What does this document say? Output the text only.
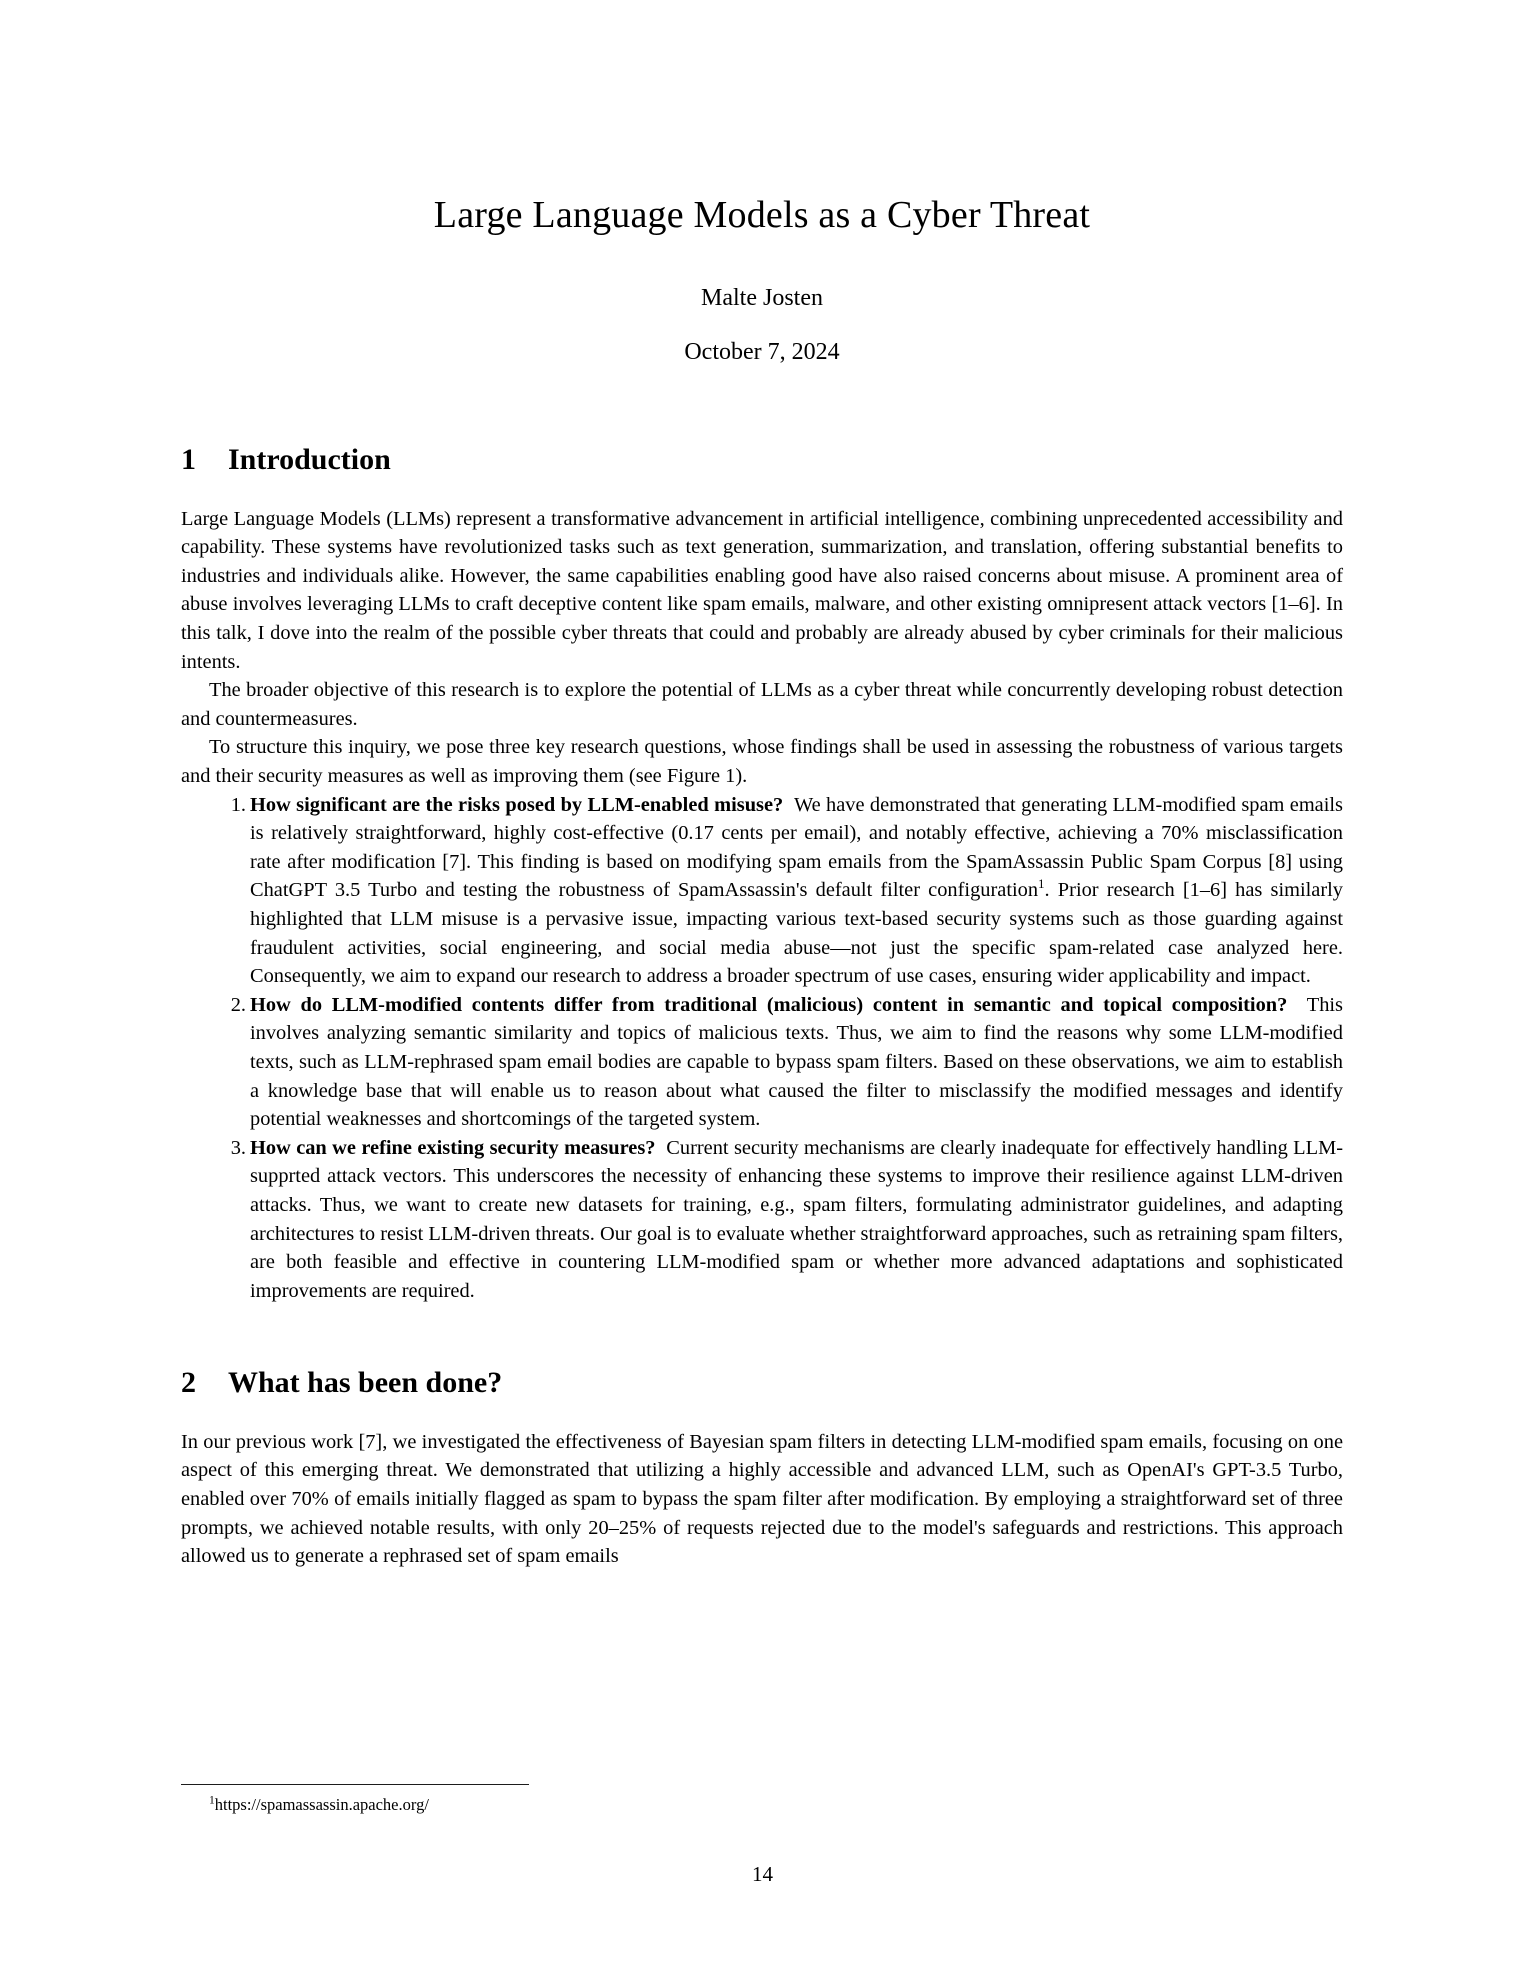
Large Language Models as a Cyber Threat
Malte Josten
October 7, 2024
1	Introduction

Large Language Models (LLMs) represent a transformative advancement in artificial intelligence, combining unprecedented accessibility and capability. These systems have revolutionized tasks such as text generation, summarization, and translation, offering substantial benefits to industries and individuals alike. However, the same capabilities enabling good have also raised concerns about misuse. A prominent area of abuse involves leveraging LLMs to craft deceptive content like spam emails, malware, and other existing omnipresent attack vectors [1–6]. In this talk, I dove into the realm of the possible cyber threats that could and probably are already abused by cyber criminals for their malicious intents.

The broader objective of this research is to explore the potential of LLMs as a cyber threat while concurrently developing robust detection and countermeasures.

To structure this inquiry, we pose three key research questions, whose findings shall be used in assessing the robustness of various targets and their security measures as well as improving them (see Figure 1).

1. How significant are the risks posed by LLM-enabled misuse? We have demonstrated that generating LLM-modified spam emails is relatively straightforward, highly cost-effective (0.17 cents per email), and notably effective, achieving a 70% misclassification rate after modification [7]. This finding is based on modifying spam emails from the SpamAssassin Public Spam Corpus [8] using ChatGPT 3.5 Turbo and testing the robustness of SpamAssassin's default filter configuration$^1$. Prior research [1–6] has similarly highlighted that LLM misuse is a pervasive issue, impacting various text-based security systems such as those guarding against fraudulent activities, social engineering, and social media abuse—not just the specific spam-related case analyzed here. Consequently, we aim to expand our research to address a broader spectrum of use cases, ensuring wider applicability and impact.
2. How do LLM-modified contents differ from traditional (malicious) content in semantic and topical composition? This involves analyzing semantic similarity and topics of malicious texts. Thus, we aim to find the reasons why some LLM-modified texts, such as LLM-rephrased spam email bodies are capable to bypass spam filters. Based on these observations, we aim to establish a knowledge base that will enable us to reason about what caused the filter to misclassify the modified messages and identify potential weaknesses and shortcomings of the targeted system.
3. How can we refine existing security measures? Current security mechanisms are clearly inadequate for effectively handling LLM-supprted attack vectors. This underscores the necessity of enhancing these systems to improve their resilience against LLM-driven attacks. Thus, we want to create new datasets for training, e.g., spam filters, formulating administrator guidelines, and adapting architectures to resist LLM-driven threats. Our goal is to evaluate whether straightforward approaches, such as retraining spam filters, are both feasible and effective in countering LLM-modified spam or whether more advanced adaptations and sophisticated improvements are required.
2	What has been done?

In our previous work [7], we investigated the effectiveness of Bayesian spam filters in detecting LLM-modified spam emails, focusing on one aspect of this emerging threat. We demonstrated that utilizing a highly accessible and advanced LLM, such as OpenAI's GPT-3.5 Turbo, enabled over 70% of emails initially flagged as spam to bypass the spam filter after modification. By employing a straightforward set of three prompts, we achieved notable results, with only 20–25% of requests rejected due to the model's safeguards and restrictions. This approach allowed us to generate a rephrased set of spam emails

$^1$https://spamassassin.apache.org/
14
